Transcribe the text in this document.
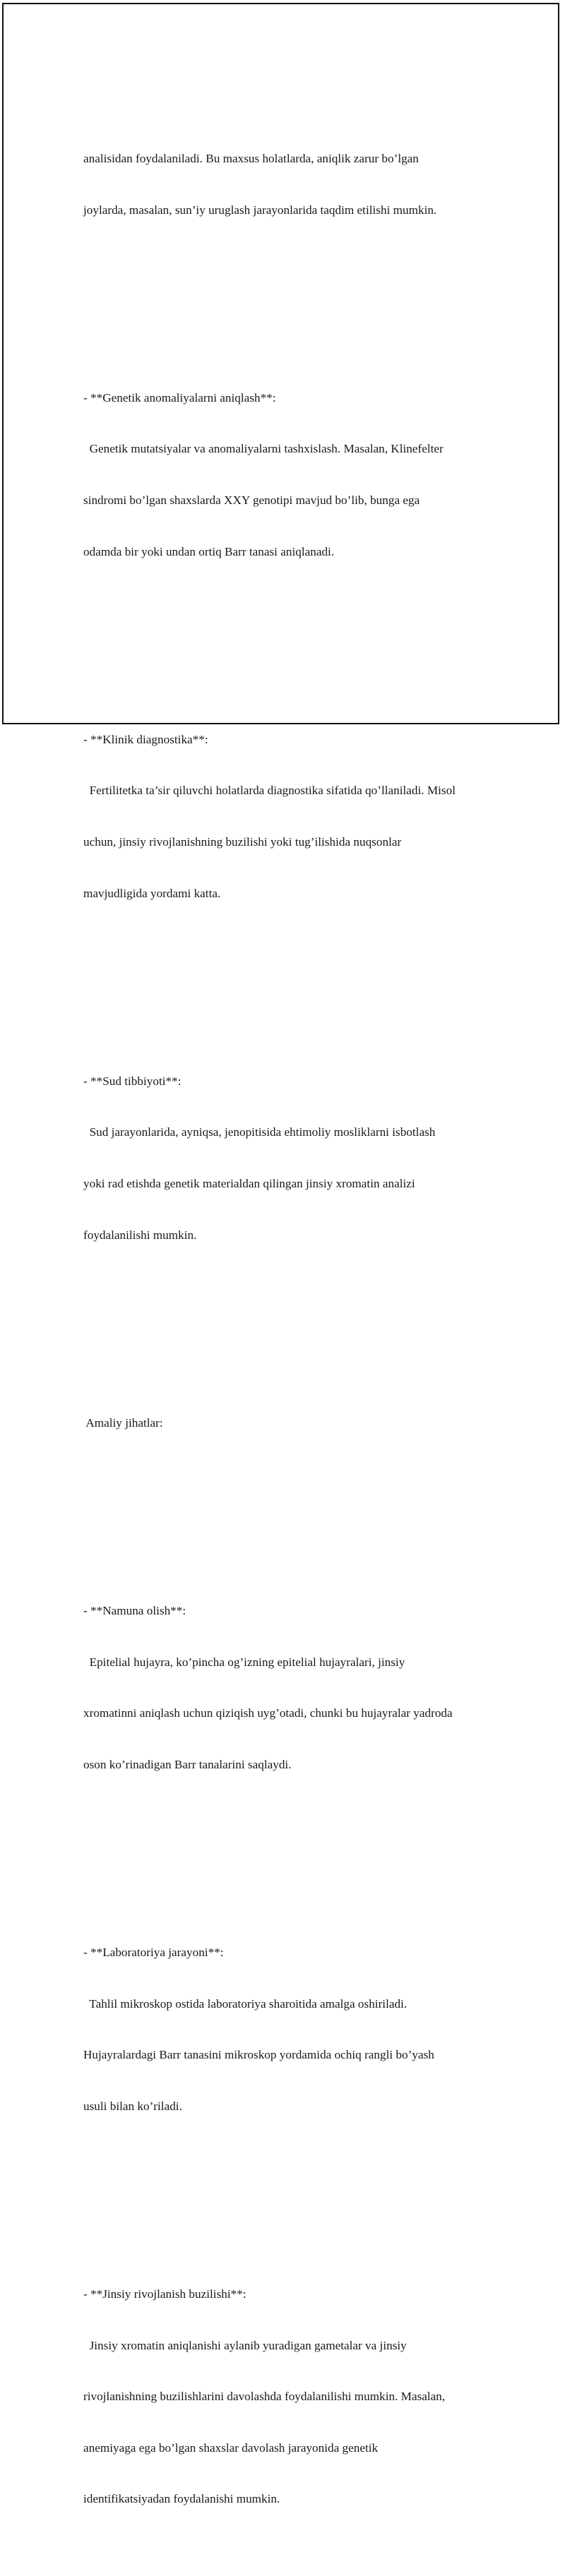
analisidan foydalaniladi. Bu maxsus holatlarda, aniqlik zarur bo’lgan

joylarda, masalan, sun’iy uruglash jarayonlarida taqdim etilishi mumkin.

- **Genetik anomaliyalarni aniqlash**:

Genetik mutatsiyalar va anomaliyalarni tashxislash. Masalan, Klinefelter

sindromi bo’lgan shaxslarda XXY genotipi mavjud bo’lib, bunga ega

odamda bir yoki undan ortiq Barr tanasi aniqlanadi.

- **Klinik diagnostika**:

Fertilitetka ta’sir qiluvchi holatlarda diagnostika sifatida qo’llaniladi. Misol

uchun, jinsiy rivojlanishning buzilishi yoki tug’ilishida nuqsonlar

mavjudligida yordami katta.

- **Sud tibbiyoti**:

Sud jarayonlarida, ayniqsa, jenopitisida ehtimoliy mosliklarni isbotlash

yoki rad etishda genetik materialdan qilingan jinsiy xromatin analizi

foydalanilishi mumkin.

Amaliy jihatlar:

- **Namuna olish**:

Epitelial hujayra, ko’pincha og’izning epitelial hujayralari, jinsiy

xromatinni aniqlash uchun qiziqish uyg’otadi, chunki bu hujayralar yadroda

oson ko’rinadigan Barr tanalarini saqlaydi.

- **Laboratoriya jarayoni**:

Tahlil mikroskop ostida laboratoriya sharoitida amalga oshiriladi.

Hujayralardagi Barr tanasini mikroskop yordamida ochiq rangli bo’yash

usuli bilan ko’riladi.

- **Jinsiy rivojlanish buzilishi**:

Jinsiy xromatin aniqlanishi aylanib yuradigan gametalar va jinsiy

rivojlanishning buzilishlarini davolashda foydalanilishi mumkin. Masalan,

anemiyaga ega bo’lgan shaxslar davolash jarayonida genetik

identifikatsiyadan foydalanishi mumkin.
